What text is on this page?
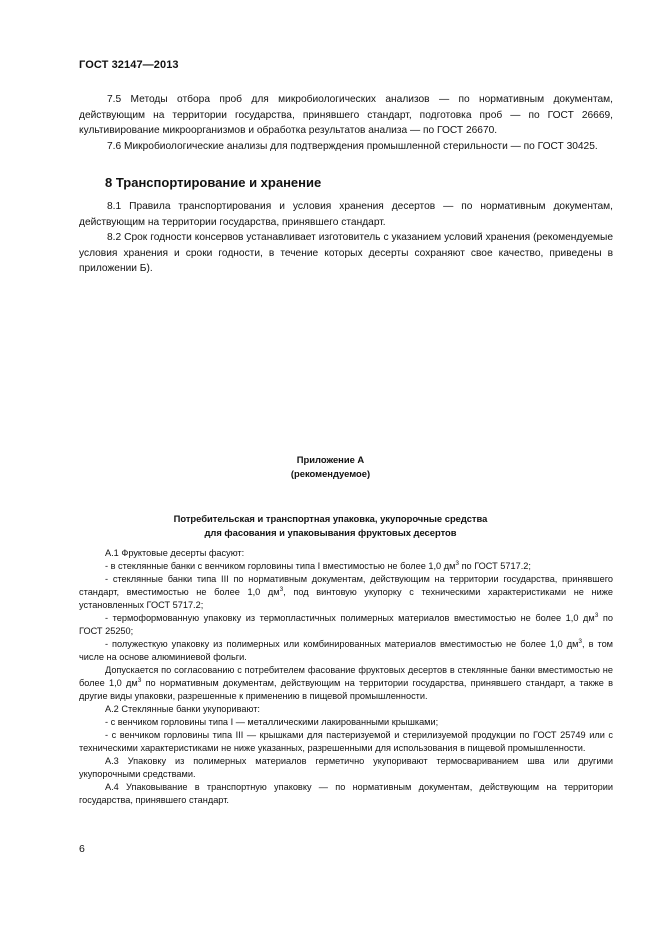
ГОСТ 32147—2013

7.5 Методы отбора проб для микробиологических анализов — по нормативным документам, действующим на территории государства, принявшего стандарт, подготовка проб — по ГОСТ 26669, культивирование микроорганизмов и обработка результатов анализа — по ГОСТ 26670.

7.6 Микробиологические анализы для подтверждения промышленной стерильности — по ГОСТ 30425.

8 Транспортирование и хранение

8.1 Правила транспортирования и условия хранения десертов — по нормативным документам, действующим на территории государства, принявшего стандарт.

8.2 Срок годности консервов устанавливает изготовитель с указанием условий хранения (рекомендуемые условия хранения и сроки годности, в течение которых десерты сохраняют свое качество, приведены в приложении Б).

Приложение А
(рекомендуемое)
Потребительская и транспортная упаковка, укупорочные средства
для фасования и упаковывания фруктовых десертов

А.1 Фруктовые десерты фасуют:

- в стеклянные банки с венчиком горловины типа I вместимостью не более 1,0 $дм^3$ по ГОСТ 5717.2;

- стеклянные банки типа III по нормативным документам, действующим на территории государства, принявшего стандарт, вместимостью не более 1,0 $дм^3$, под винтовую укупорку с техническими характеристиками не ниже установленных ГОСТ 5717.2;

- термоформованную упаковку из термопластичных полимерных материалов вместимостью не более 1,0 $дм^3$ по ГОСТ 25250;

- полужесткую упаковку из полимерных или комбинированных материалов вместимостью не более 1,0 $дм^3$, в том числе на основе алюминиевой фольги.

Допускается по согласованию с потребителем фасование фруктовых десертов в стеклянные банки вместимостью не более 1,0 $дм^3$ по нормативным документам, действующим на территории государства, принявшего стандарт, а также в другие виды упаковки, разрешенные к применению в пищевой промышленности.

А.2 Стеклянные банки укупоривают:

- с венчиком горловины типа I — металлическими лакированными крышками;

- с венчиком горловины типа III — крышками для пастеризуемой и стерилизуемой продукции по ГОСТ 25749 или с техническими характеристиками не ниже указанных, разрешенными для использования в пищевой промышленности.

А.3 Упаковку из полимерных материалов герметично укупоривают термосвариванием шва или другими укупорочными средствами.

А.4 Упаковывание в транспортную упаковку — по нормативным документам, действующим на территории государства, принявшего стандарт.

6
